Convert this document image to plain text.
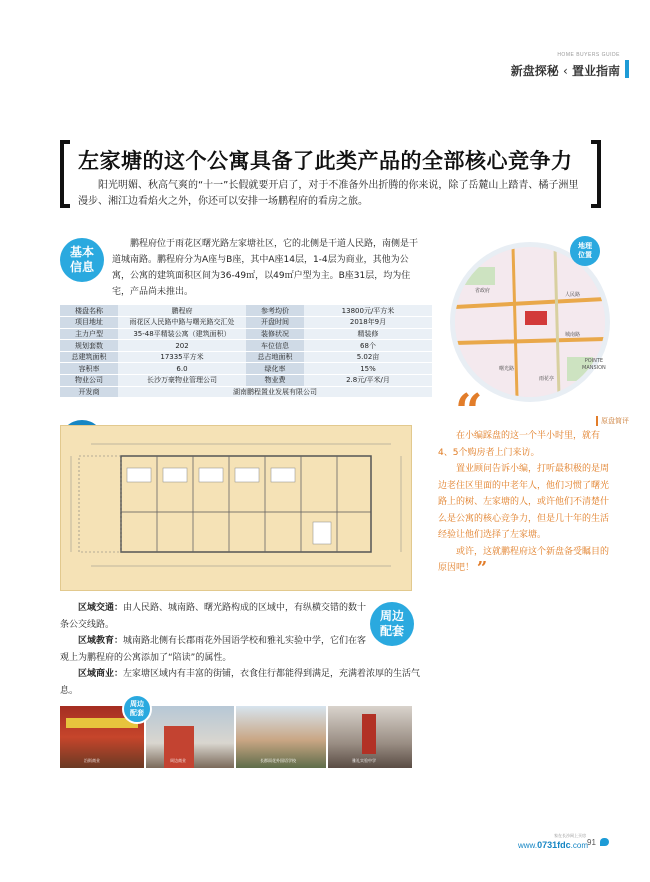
HOME BUYERS GUIDE
新盘探秘 ‹ 置业指南
左家塘的这个公寓具备了此类产品的全部核心竞争力
阳光明媚、秋高气爽的“十一”长假就要开启了，对于不准备外出折腾的你来说，除了岳麓山上踏青、橘子洲里漫步、湘江边看焰火之外，你还可以安排一场鹏程府的看房之旅。
基本
信息
鹏程府位于雨花区曙光路左家塘社区，它的北侧是干道人民路，南侧是干道城南路。鹏程府分为A座与B座，其中A座14层，1-4层为商业，其他为公寓，公寓的建筑面积区间为36-49㎡，以49㎡户型为主。B座31层，均为住宅，产品尚未推出。
楼盘名称	鹏程府	参考均价	13800元/平方米
项目地址	雨花区人民路中路与曙光路交汇处	开盘时间	2018年9月
主力户型	35-48平精装公寓（建筑面积）	装修状况	精装修
规划套数	202	车位信息	68个
总建筑面积	17335平方米	总占地面积	5.02亩
容积率	6.0	绿化率	15%
物业公司	长沙万豪物业管理公司	物业费	2.8元/平米/月
开发商	湖南鹏程置业发展有限公司		

省政府
人民路
城南路
曙光路
雨花亭
地理
位置
POINTE
MANSION
“	原盘简评

在小编踩盘的这一个半小时里，就有4、5个购房者上门来访。

置业顾问告诉小编，打听最积极的是周边老住区里面的中老年人，他们习惯了曙光路上的树、左家塘的人，或许他们不清楚什么是公寓的核心竞争力，但是几十年的生活经验让他们选择了左家塘。

或许，这就鹏程府这个新盘备受瞩目的原因吧！ ”

周边
配套

区域交通：由人民路、城南路、曙光路构成的区域中，有纵横交错的数十条公交线路。

区域教育：城南路北侧有长郡雨花外国语学校和雅礼实验中学，它们在客观上为鹏程府的公寓添加了“陪读”的属性。

区域商业：左家塘区域内有丰富的街铺，衣食住行都能得到满足，充满着浓厚的生活气息。

沿街商业	周边商业
周边
配套
长郡雨花外国语学校	雅礼实验中学
家在长沙网上买房
www.0731fdc.com 91
